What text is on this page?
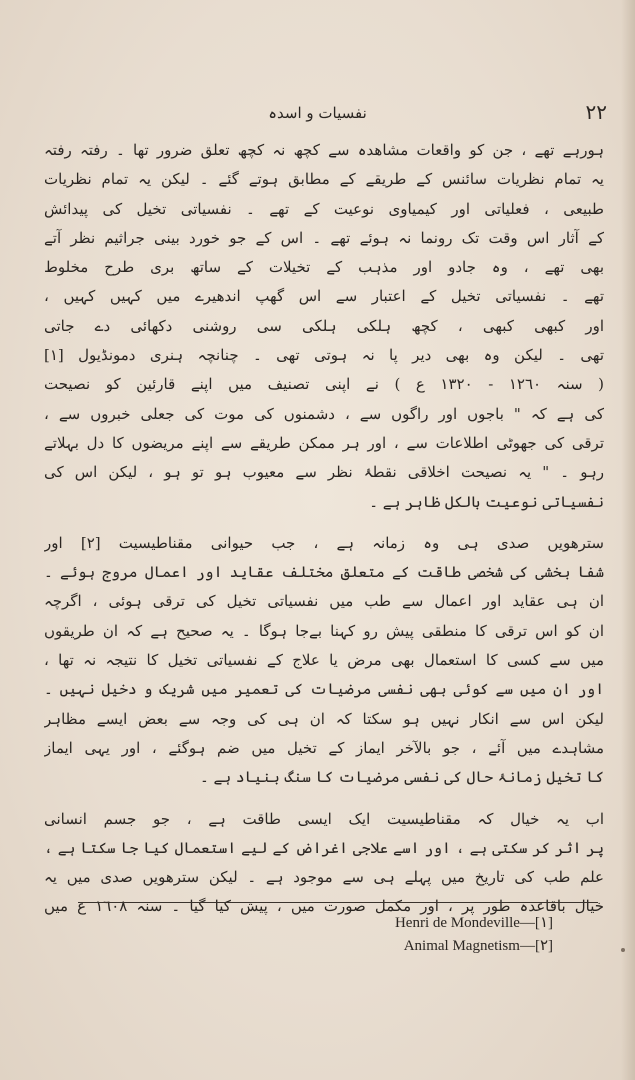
نفسیات و اسدہ	٢٢

ہورہے تھے ، جن کو واقعات مشاهدہ سے کچھ نہ کچھ تعلق ضرور تھا ۔ رفتہ رفتہ

یہ تمام نظریات سائنس کے طریقے کے مطابق ہوتے گئے ۔ لیکن یہ تمام نظریات

طبیعی ، فعلیاتی اور کیمیاوی نوعیت کے تھے ۔ نفسیاتی تخیل کی پیدائش

کے آثار اس وقت تک رونما نہ ہوئے تھے ۔ اس کے جو خورد بینی جراثیم نظر آتے

بھی تھے ، وہ جادو اور مذہب کے تخیلات کے ساتھ بری طرح مخلوط

تھے ۔ نفسیاتی تخیل کے اعتبار سے اس گھپ اندھیرے میں کہیں کہیں ،

اور کبھی کبھی ، کچھ ہلکی ہلکی سی روشنی دکھائی دے جاتی

تھی ۔ لیکن وہ بھی دیر پا نہ ہوتی تھی ۔ چنانچہ ہنری دمونڈیول [١]

( سنہ ١٢٦٠ - ١٣٢٠ ع ) نے اپنی تصنیف میں اپنے قارئین کو نصیحت

کی ہے کہ " باجوں اور راگوں سے ، دشمنوں کی موت کی جعلی خبروں سے ،

ترقی کی جھوٹی اطلاعات سے ، اور ہر ممکن طریقے سے اپنے مریضوں کا دل بہلاتے

رہو ۔ " یہ نصیحت اخلاقی نقطۂ نظر سے معیوب ہو تو ہو ، لیکن اس کی

نفسیاتی نوعیت بالکل ظاہر ہے ۔

سترھویں صدی ہی وہ زمانہ ہے ، جب حیوانی مقناطیسیت [٢] اور

شفا بخشی کی شخصی طاقت کے متعلق مختلف عقاید اور اعمال مروج ہوئے ۔

ان ہی عقاید اور اعمال سے طب میں نفسیاتی تخیل کی ترقی ہوئی ، اگرچہ

ان کو اس ترقی کا منطقی پیش رو کہنا بےجا ہوگا ۔ یہ صحیح ہے کہ ان طریقوں

میں سے کسی کا استعمال بھی مرض یا علاج کے نفسیاتی تخیل کا نتیجہ نہ تھا ،

اور ان میں سے کوئی بھی نفسی مرضیات کی تعمیر میں شریک و دخیل نہیں ۔

لیکن اس سے انکار نہیں ہو سکتا کہ ان ہی کی وجہ سے بعض ایسے مظاہر

مشاہدے میں آئے ، جو بالآخر ایماز کے تخیل میں ضم ہوگئے ، اور یہی ایماز

کا تخیل زمانۂ حال کی نفسی مرضیات کا سنگ بنیاد ہے ۔

اب یہ خیال کہ مقناطیسیت ایک ایسی طاقت ہے ، جو جسم انسانی

پر اثر کر سکتی ہے ، اور اسے علاجی اغراض کے لیے استعمال کیا جا سکتا ہے ،

علم طب کی تاریخ میں پہلے ہی سے موجود ہے ۔ لیکن سترھویں صدی میں یہ

خیال باقاعدہ طور پر ، اور مکمل صورت میں ، پیش کیا گیا ۔ سنہ ١٦٠٨ ع میں

Henri de Mondeville—[١]
Animal Magnetism—[٢]
